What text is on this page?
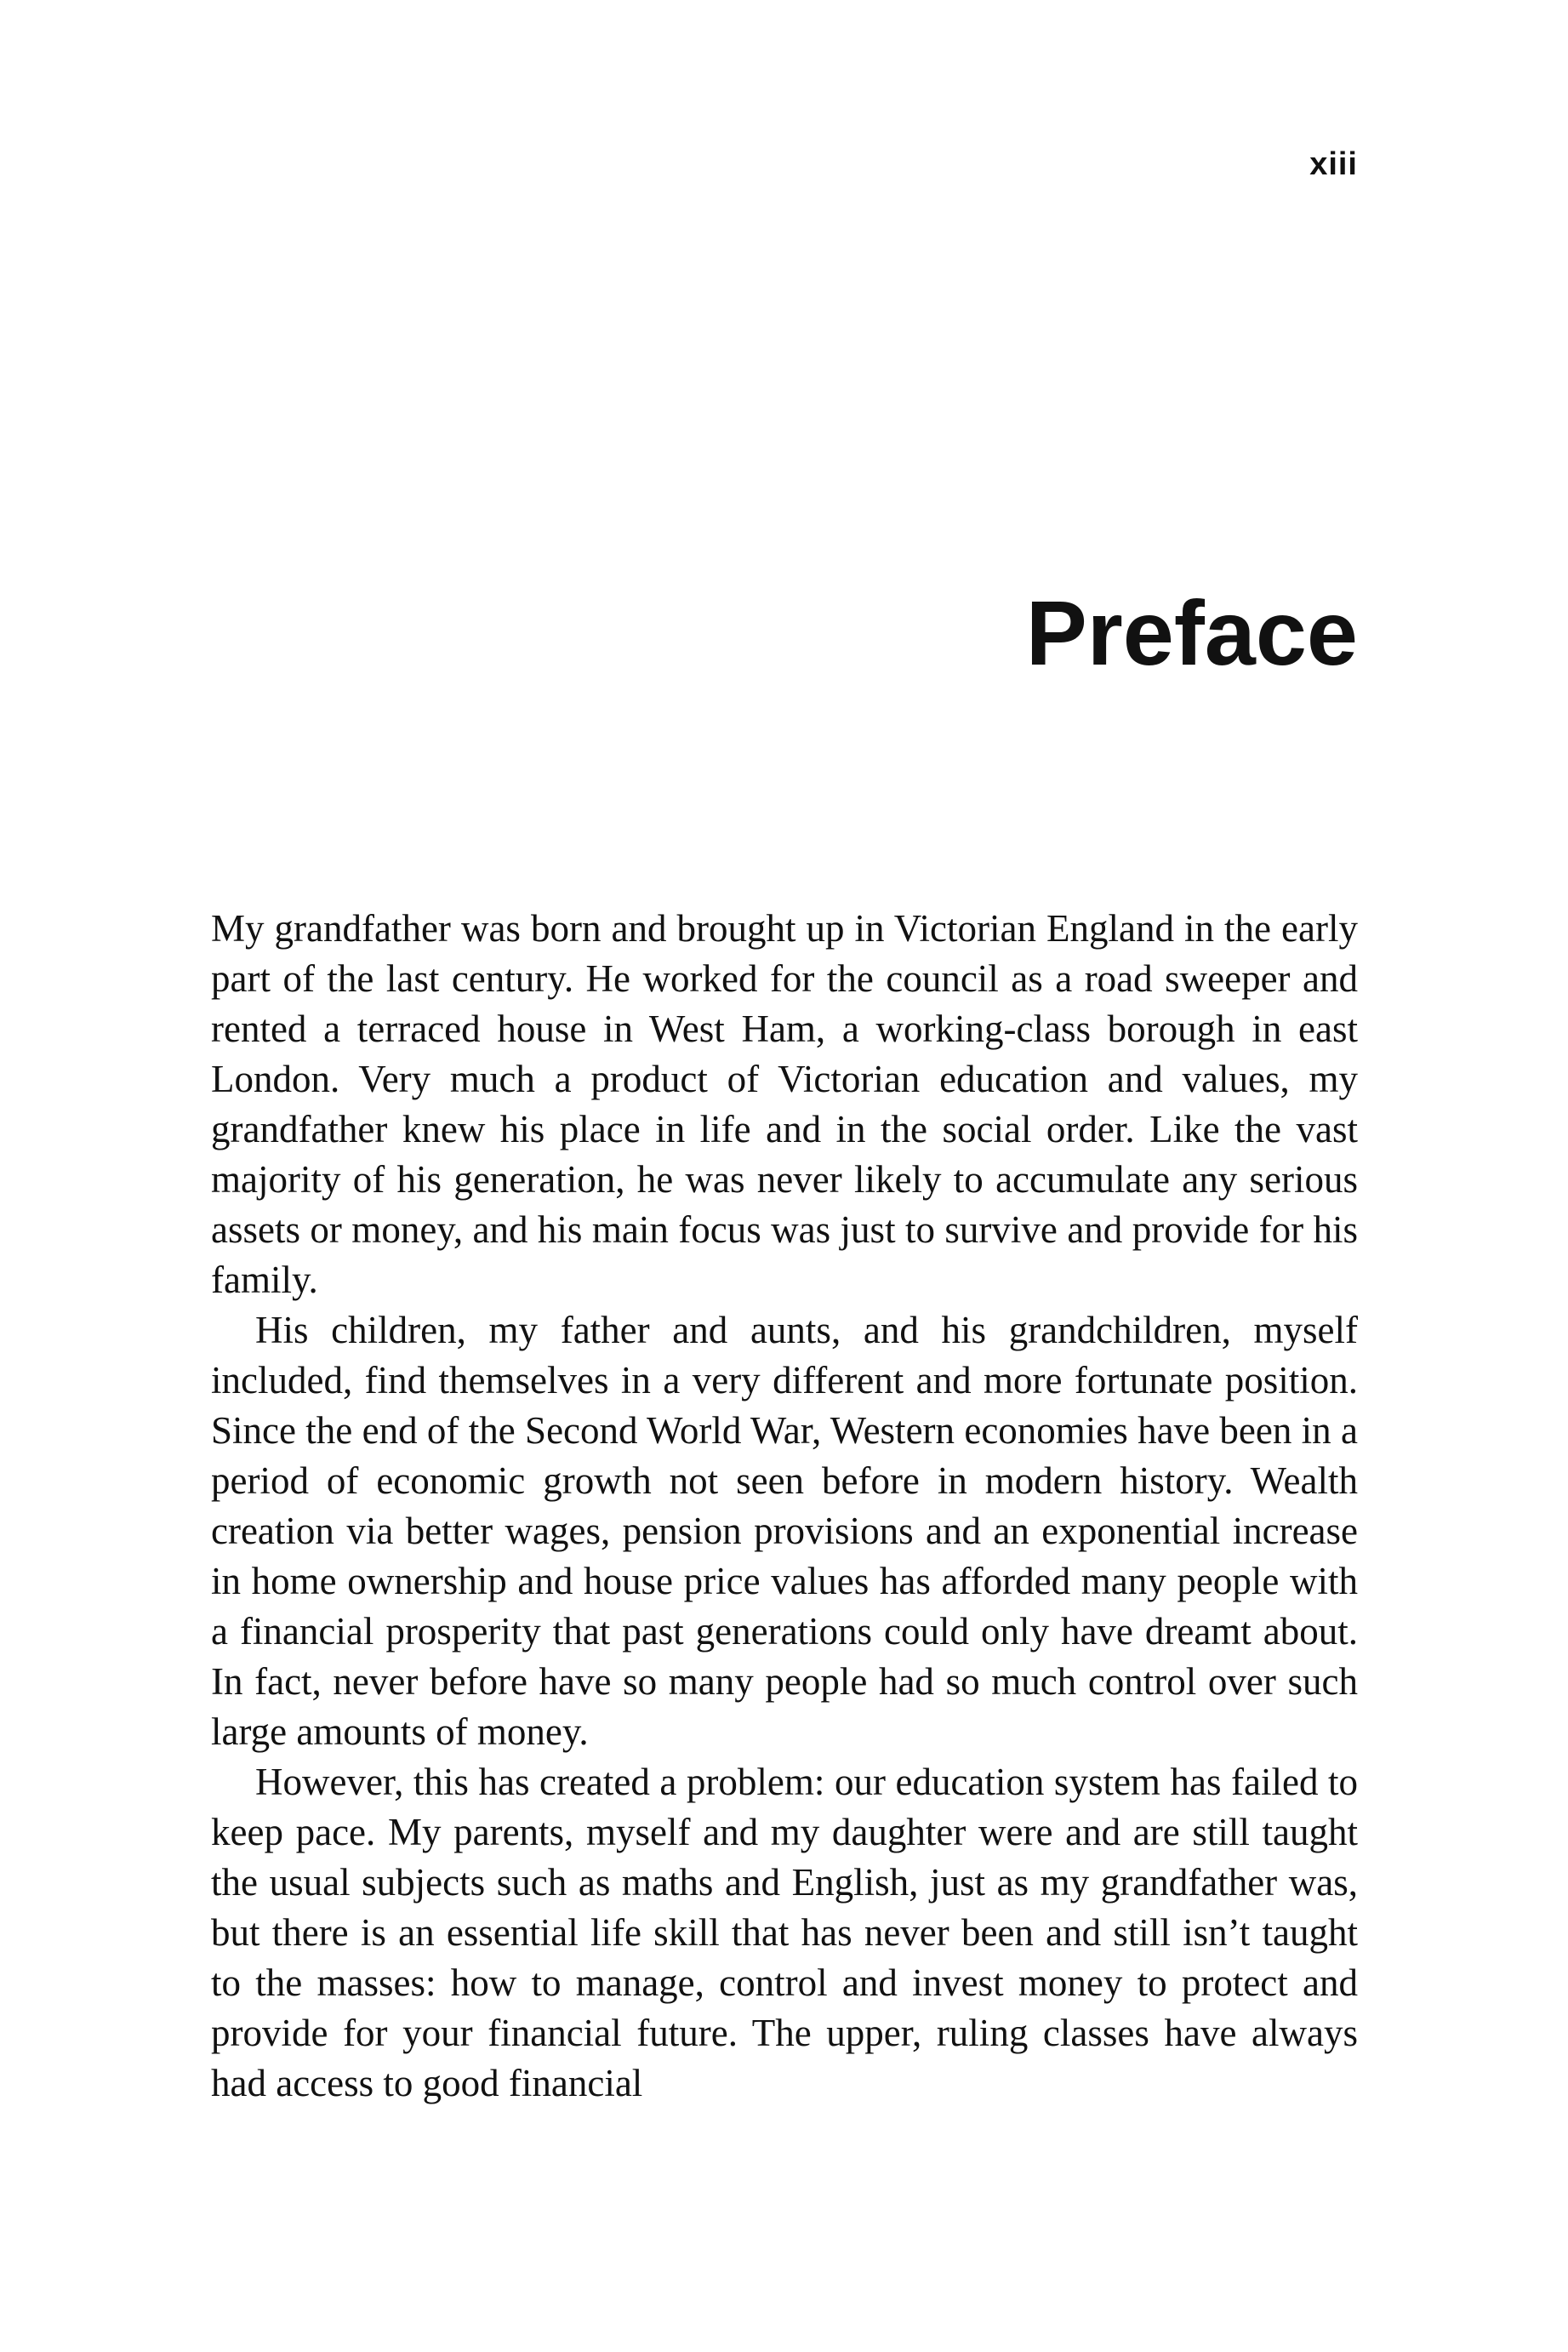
xiii

Preface

My grandfather was born and brought up in Victorian England in the early part of the last century. He worked for the council as a road sweeper and rented a terraced house in West Ham, a working-class borough in east London. Very much a product of Victorian education and values, my grandfather knew his place in life and in the social order. Like the vast majority of his generation, he was never likely to accumulate any serious assets or money, and his main focus was just to survive and provide for his family.

His children, my father and aunts, and his grandchildren, myself included, find themselves in a very different and more fortunate position. Since the end of the Second World War, Western economies have been in a period of economic growth not seen before in modern history. Wealth creation via better wages, pension provisions and an exponential increase in home ownership and house price values has afforded many people with a financial prosperity that past generations could only have dreamt about. In fact, never before have so many people had so much control over such large amounts of money.

However, this has created a problem: our education system has failed to keep pace. My parents, myself and my daughter were and are still taught the usual subjects such as maths and English, just as my grandfather was, but there is an essential life skill that has never been and still isn’t taught to the masses: how to manage, control and invest money to protect and provide for your financial future. The upper, ruling classes have always had access to good financial
